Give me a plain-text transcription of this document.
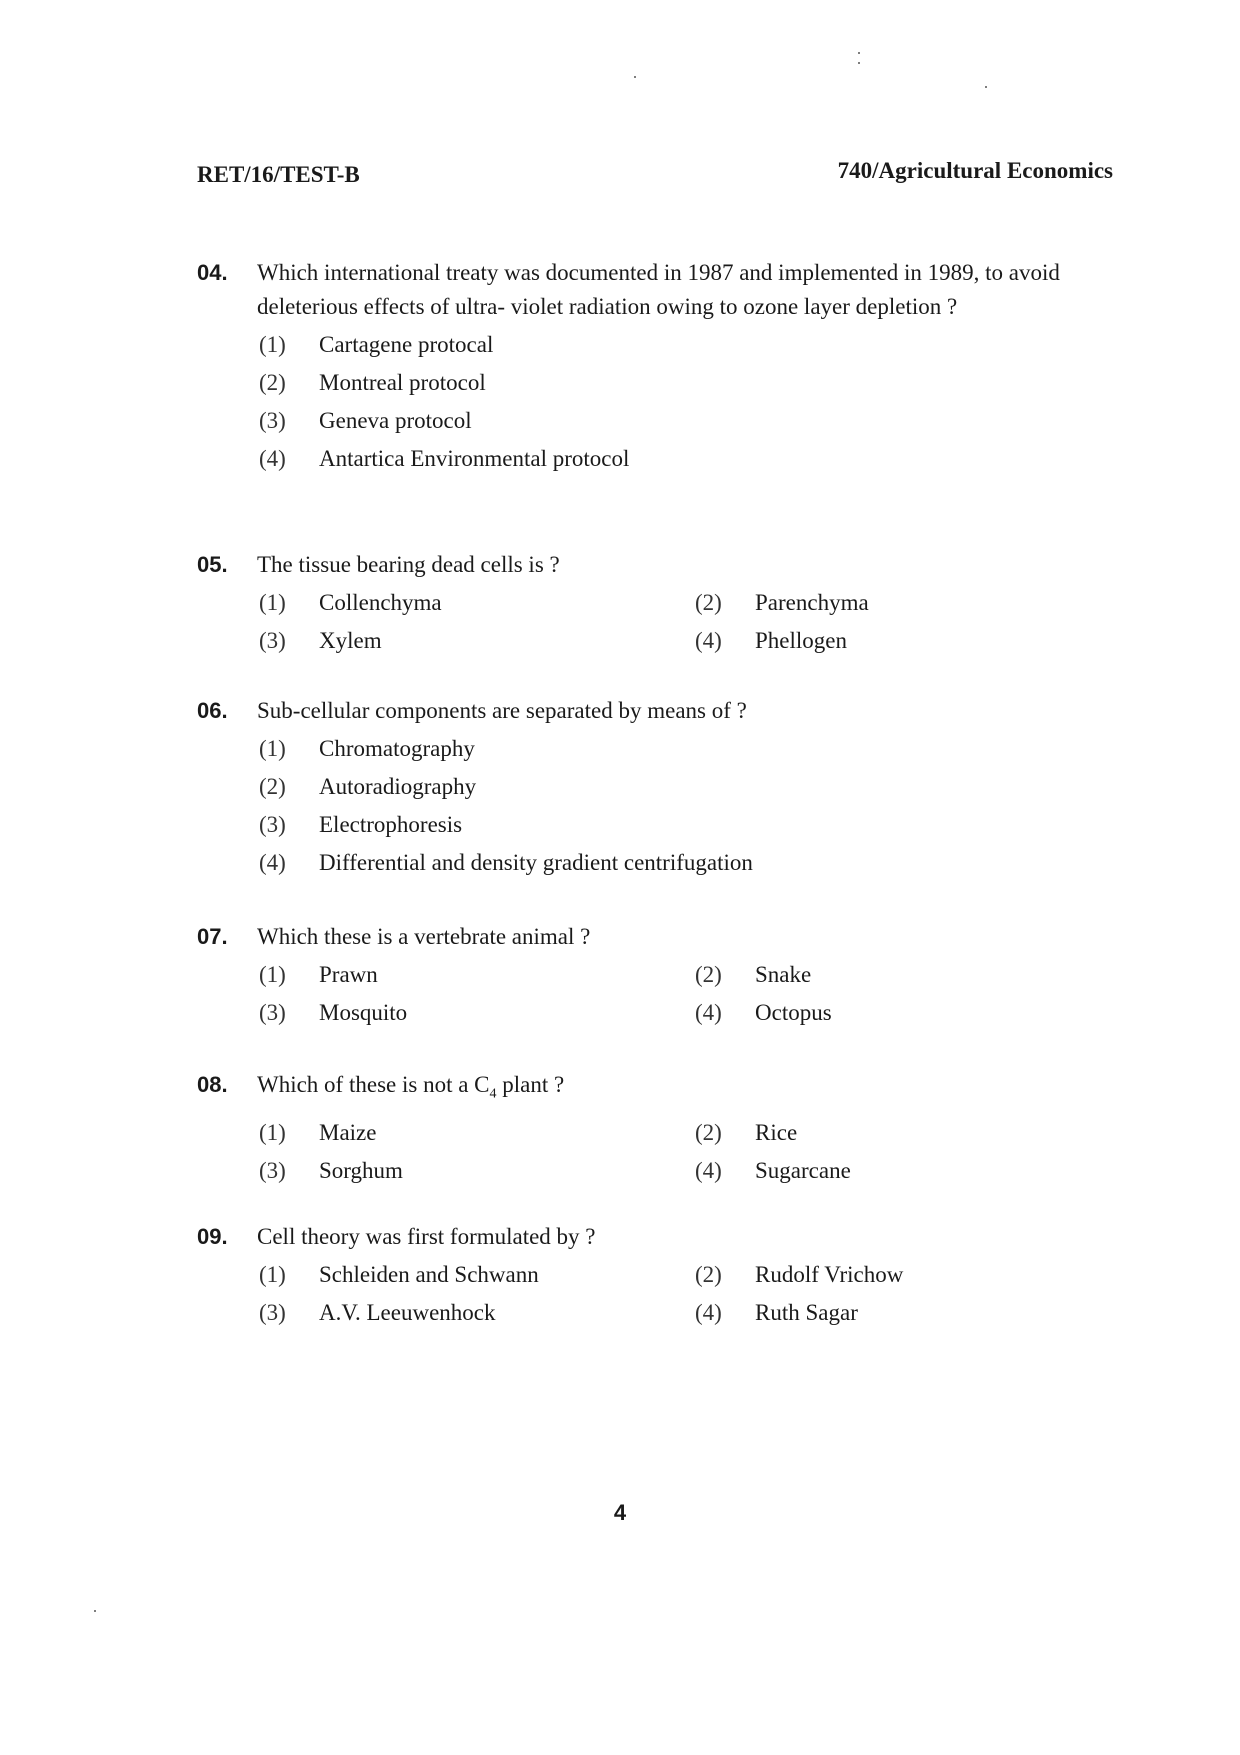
RET/16/TEST-B	740/Agricultural Economics
04.	Which international treaty was documented in 1987 and implemented in 1989, to avoid deleterious effects of ultra- violet radiation owing to ozone layer depletion ?
(1)	Cartagene protocal
(2)	Montreal protocol
(3)	Geneva protocol
(4)	Antartica Environmental protocol
05.	The tissue bearing dead cells is ?
(1)	Collenchyma	(2)	Parenchyma
(3)	Xylem	(4)	Phellogen
06.	Sub-cellular components are separated by means of ?
(1)	Chromatography
(2)	Autoradiography
(3)	Electrophoresis
(4)	Differential and density gradient centrifugation
07.	Which these is a vertebrate animal ?
(1)	Prawn	(2)	Snake
(3)	Mosquito	(4)	Octopus
08.	Which of these is not a $C_4$ plant ?
(1)	Maize	(2)	Rice
(3)	Sorghum	(4)	Sugarcane
09.	Cell theory was first formulated by ?
(1)	Schleiden and Schwann	(2)	Rudolf Vrichow
(3)	A.V. Leeuwenhock	(4)	Ruth Sagar
4
